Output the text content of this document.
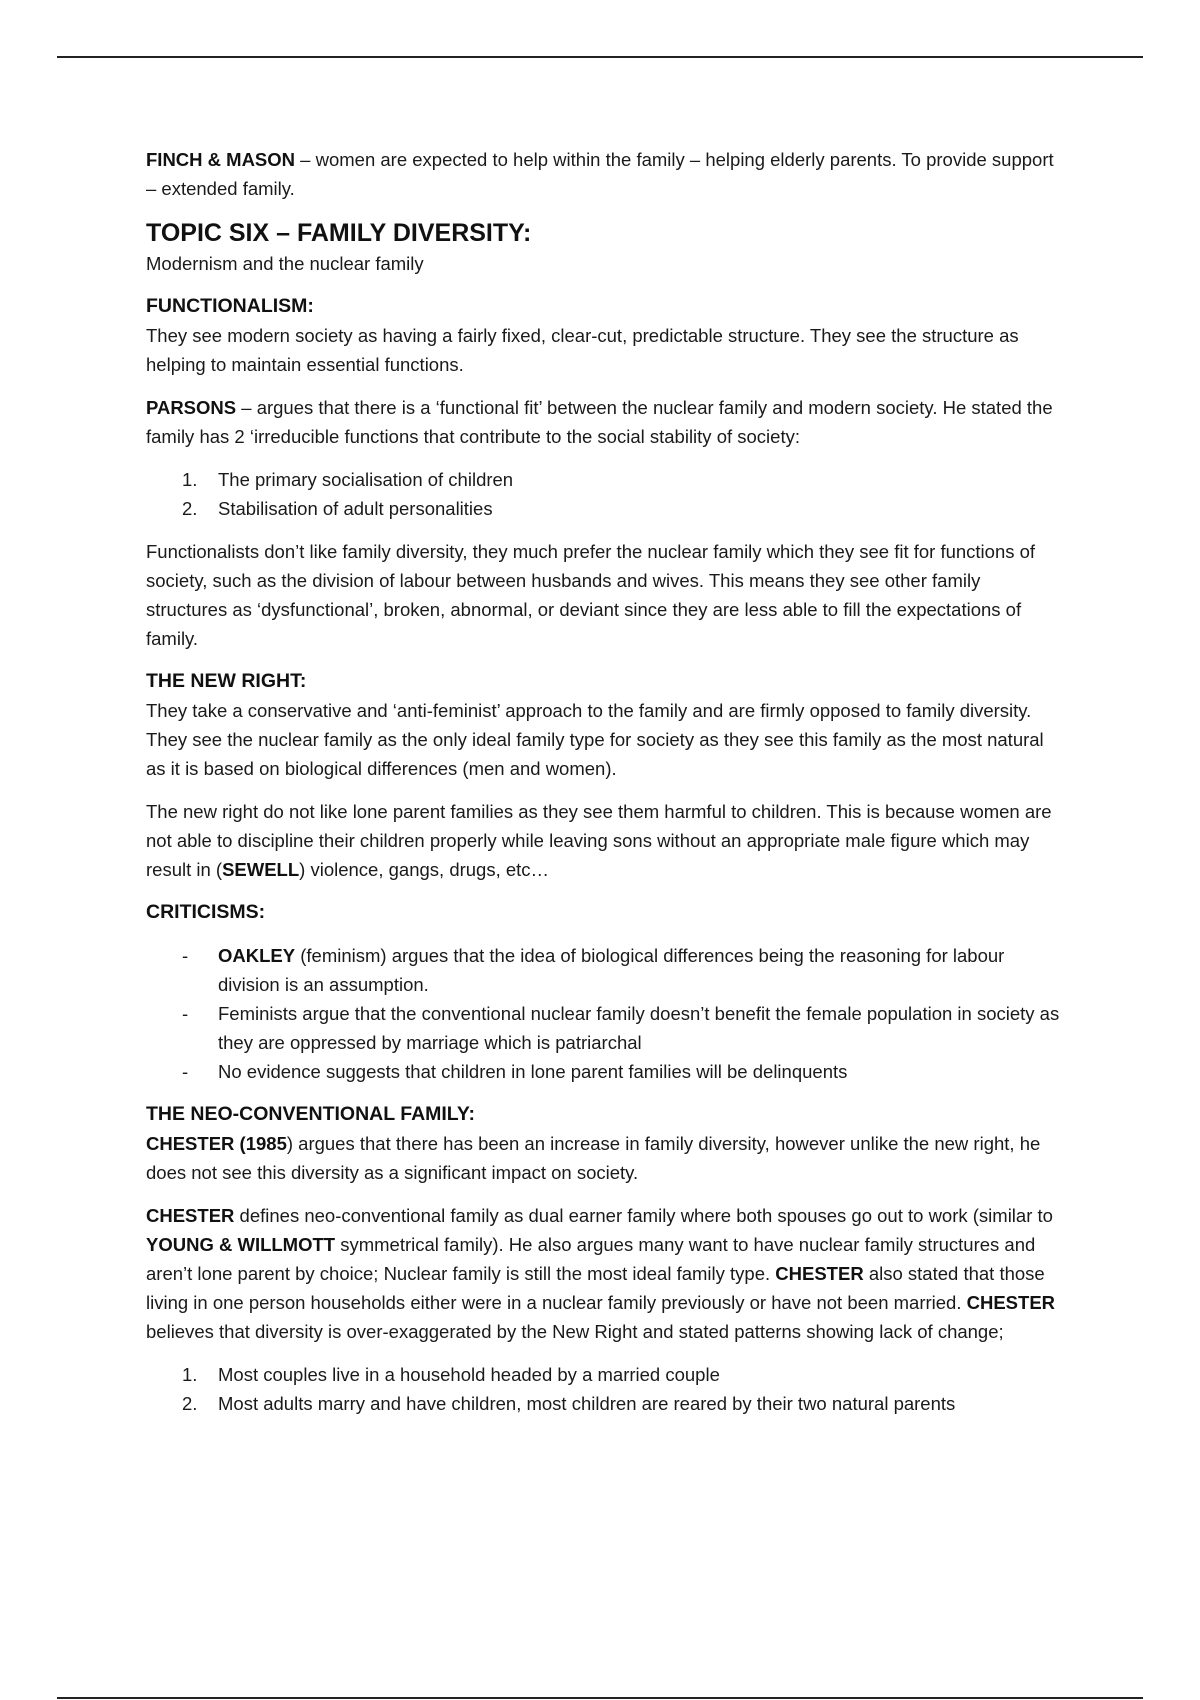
FINCH & MASON – women are expected to help within the family – helping elderly parents. To provide support – extended family.

TOPIC SIX – FAMILY DIVERSITY:

Modernism and the nuclear family

FUNCTIONALISM:

They see modern society as having a fairly fixed, clear-cut, predictable structure. They see the structure as helping to maintain essential functions.

PARSONS – argues that there is a ‘functional fit’ between the nuclear family and modern society. He stated the family has 2 ‘irreducible functions that contribute to the social stability of society:

1.	The primary socialisation of children
2.	Stabilisation of adult personalities

Functionalists don’t like family diversity, they much prefer the nuclear family which they see fit for functions of society, such as the division of labour between husbands and wives. This means they see other family structures as ‘dysfunctional’, broken, abnormal, or deviant since they are less able to fill the expectations of family.

THE NEW RIGHT:

They take a conservative and ‘anti-feminist’ approach to the family and are firmly opposed to family diversity. They see the nuclear family as the only ideal family type for society as they see this family as the most natural as it is based on biological differences (men and women).

The new right do not like lone parent families as they see them harmful to children. This is because women are not able to discipline their children properly while leaving sons without an appropriate male figure which may result in (SEWELL) violence, gangs, drugs, etc…

CRITICISMS:
- OAKLEY (feminism) argues that the idea of biological differences being the reasoning for labour division is an assumption.
- Feminists argue that the conventional nuclear family doesn’t benefit the female population in society as they are oppressed by marriage which is patriarchal
- No evidence suggests that children in lone parent families will be delinquents
THE NEO-CONVENTIONAL FAMILY:

CHESTER (1985) argues that there has been an increase in family diversity, however unlike the new right, he does not see this diversity as a significant impact on society.

CHESTER defines neo-conventional family as dual earner family where both spouses go out to work (similar to YOUNG & WILLMOTT symmetrical family). He also argues many want to have nuclear family structures and aren’t lone parent by choice; Nuclear family is still the most ideal family type. CHESTER also stated that those living in one person households either were in a nuclear family previously or have not been married. CHESTER believes that diversity is over-exaggerated by the New Right and stated patterns showing lack of change;

1.	Most couples live in a household headed by a married couple
2.	Most adults marry and have children, most children are reared by their two natural parents
